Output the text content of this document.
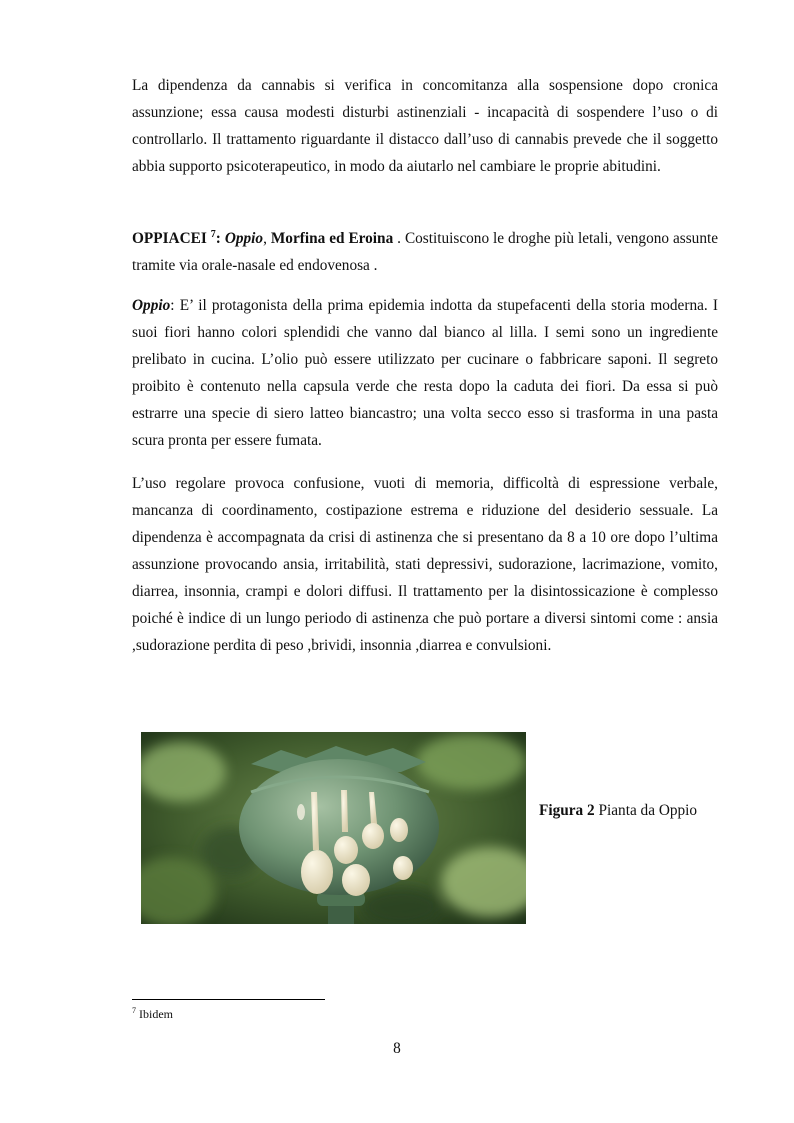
La dipendenza da cannabis si verifica in concomitanza alla sospensione dopo cronica assunzione; essa causa modesti disturbi astinenziali - incapacità di sospendere l’uso o di controllarlo. Il trattamento riguardante il distacco dall’uso di cannabis prevede che il soggetto abbia supporto psicoterapeutico, in modo da aiutarlo nel cambiare le proprie abitudini.

OPPIACEI $^7$: Oppio, Morfina ed Eroina . Costituiscono le droghe più letali, vengono assunte tramite via orale-nasale ed endovenosa .

Oppio: E’ il protagonista della prima epidemia indotta da stupefacenti della storia moderna. I suoi fiori hanno colori splendidi che vanno dal bianco al lilla. I semi sono un ingrediente prelibato in cucina. L’olio può essere utilizzato per cucinare o fabbricare saponi. Il segreto proibito è contenuto nella capsula verde che resta dopo la caduta dei fiori. Da essa si può estrarre una specie di siero latteo biancastro; una volta secco esso si trasforma in una pasta scura pronta per essere fumata.

L’uso regolare provoca confusione, vuoti di memoria, difficoltà di espressione verbale, mancanza di coordinamento, costipazione estrema e riduzione del desiderio sessuale. La dipendenza è accompagnata da crisi di astinenza che si presentano da 8 a 10 ore dopo l’ultima assunzione provocando ansia, irritabilità, stati depressivi, sudorazione, lacrimazione, vomito, diarrea, insonnia, crampi e dolori diffusi. Il trattamento per la disintossicazione è complesso poiché è indice di un lungo periodo di astinenza che può portare a diversi sintomi come : ansia ,sudorazione perdita di peso ,brividi, insonnia ,diarrea e convulsioni.

Figura 2 Pianta da Oppio
$^7$ Ibidem
8
